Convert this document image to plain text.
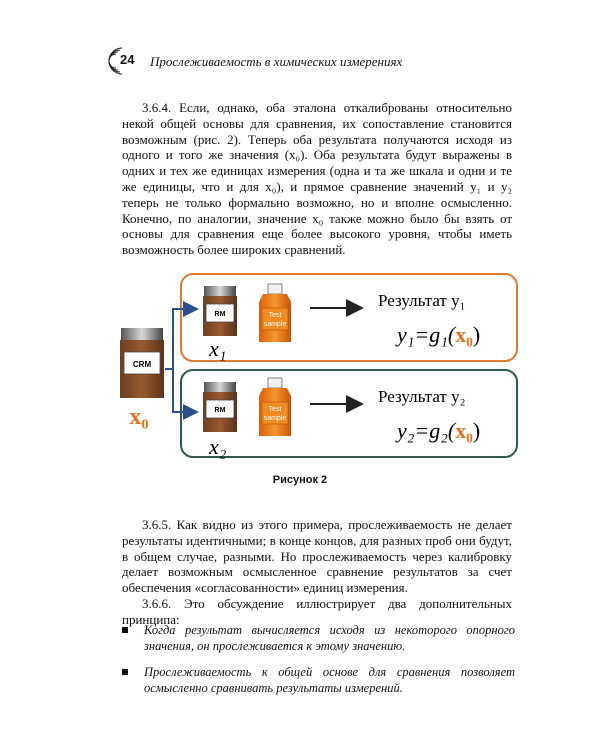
24 Прослеживаемость в химических измерениях

3.6.4. Если, однако, оба эталона откалиброваны относительно некой общей основы для сравнения, их сопоставление становится возможным (рис. 2). Теперь оба результата получаются исходя из одного и того же значения (x₀). Оба результата будут выражены в одних и тех же единицах измерения (одна и та же шкала и одни и те же единицы, что и для x₀), и прямое сравнение значений y₁ и y₂ теперь не только формально возможно, но и вполне осмысленно. Конечно, по аналогии, значение x₀ также можно было бы взять от основы для сравнения еще более высокого уровня, чтобы иметь возможность более широких сравнений.

CRM
x₀
RM
x₁
Test
sample
Результат y₁
y₁=g₁(x₀)
RM
x₂
Test
sample
Результат y₂
y₂=g₂(x₀)
Рисунок 2

3.6.5. Как видно из этого примера, прослеживаемость не делает результаты идентичными; в конце концов, для разных проб они будут, в общем случае, разными. Но прослеживаемость через калибровку делает возможным осмысленное сравнение результатов за счет обеспечения «согласованности» единиц измерения.

3.6.6. Это обсуждение иллюстрирует два дополнительных принципа:

Когда результат вычисляется исходя из некоторого опорного значения, он прослеживается к этому значению.
Прослеживаемость к общей основе для сравнения позволяет осмысленно сравнивать результаты измерений.
